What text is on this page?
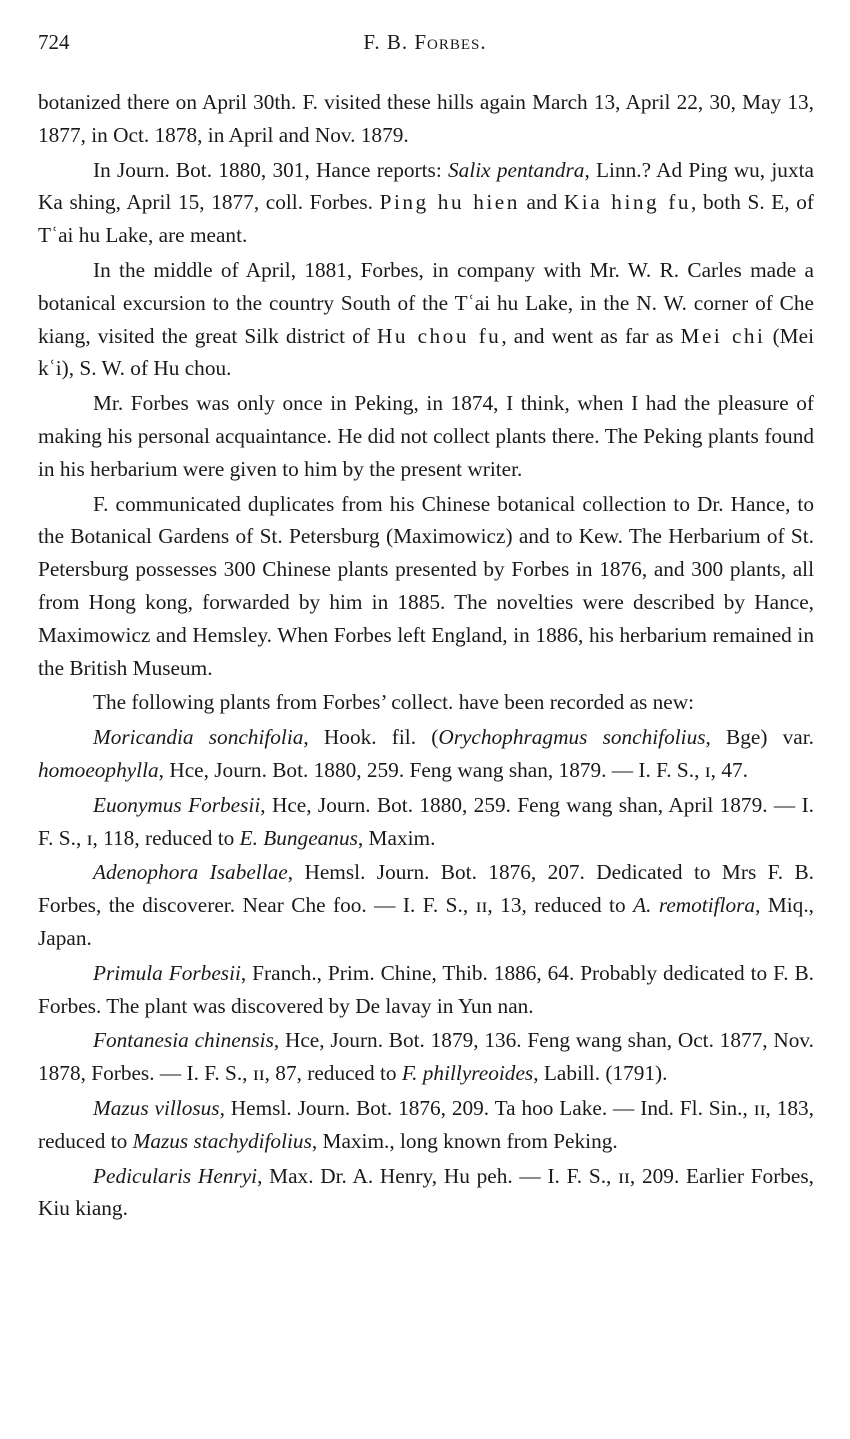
724	F. B. Forbes.

botanized there on April 30th. F. visited these hills again March 13, April 22, 30, May 13, 1877, in Oct. 1878, in April and Nov. 1879.

In Journ. Bot. 1880, 301, Hance reports: Salix pentandra, Linn.? Ad Ping wu, juxta Ka shing, April 15, 1877, coll. Forbes. Ping hu hien and Kia hing fu, both S. E, of Tʿai hu Lake, are meant.

In the middle of April, 1881, Forbes, in company with Mr. W. R. Carles made a botanical excursion to the country South of the Tʿai hu Lake, in the N. W. corner of Che kiang, visited the great Silk district of Hu chou fu, and went as far as Mei chi (Mei kʿi), S. W. of Hu chou.

Mr. Forbes was only once in Peking, in 1874, I think, when I had the pleasure of making his personal acquaintance. He did not collect plants there. The Peking plants found in his herbarium were given to him by the present writer.

F. communicated duplicates from his Chinese botanical collection to Dr. Hance, to the Botanical Gardens of St. Petersburg (Maximowicz) and to Kew. The Herbarium of St. Petersburg possesses 300 Chinese plants presented by Forbes in 1876, and 300 plants, all from Hong kong, forwarded by him in 1885. The novelties were described by Hance, Maximowicz and Hemsley. When Forbes left England, in 1886, his herbarium remained in the British Museum.

The following plants from Forbes’ collect. have been recorded as new:

Moricandia sonchifolia, Hook. fil. (Orychophragmus sonchifolius, Bge) var. homoeophylla, Hce, Journ. Bot. 1880, 259. Feng wang shan, 1879. — I. F. S., ɪ, 47.

Euonymus Forbesii, Hce, Journ. Bot. 1880, 259. Feng wang shan, April 1879. — I. F. S., ɪ, 118, reduced to E. Bungeanus, Maxim.

Adenophora Isabellae, Hemsl. Journ. Bot. 1876, 207. Dedicated to Mrs F. B. Forbes, the discoverer. Near Che foo. — I. F. S., ɪɪ, 13, reduced to A. remotiflora, Miq., Japan.

Primula Forbesii, Franch., Prim. Chine, Thib. 1886, 64. Probably dedicated to F. B. Forbes. The plant was discovered by De lavay in Yun nan.

Fontanesia chinensis, Hce, Journ. Bot. 1879, 136. Feng wang shan, Oct. 1877, Nov. 1878, Forbes. — I. F. S., ɪɪ, 87, reduced to F. phillyreoides, Labill. (1791).

Mazus villosus, Hemsl. Journ. Bot. 1876, 209. Ta hoo Lake. — Ind. Fl. Sin., ɪɪ, 183, reduced to Mazus stachydifolius, Maxim., long known from Peking.

Pedicularis Henryi, Max. Dr. A. Henry, Hu peh. — I. F. S., ɪɪ, 209. Earlier Forbes, Kiu kiang.
